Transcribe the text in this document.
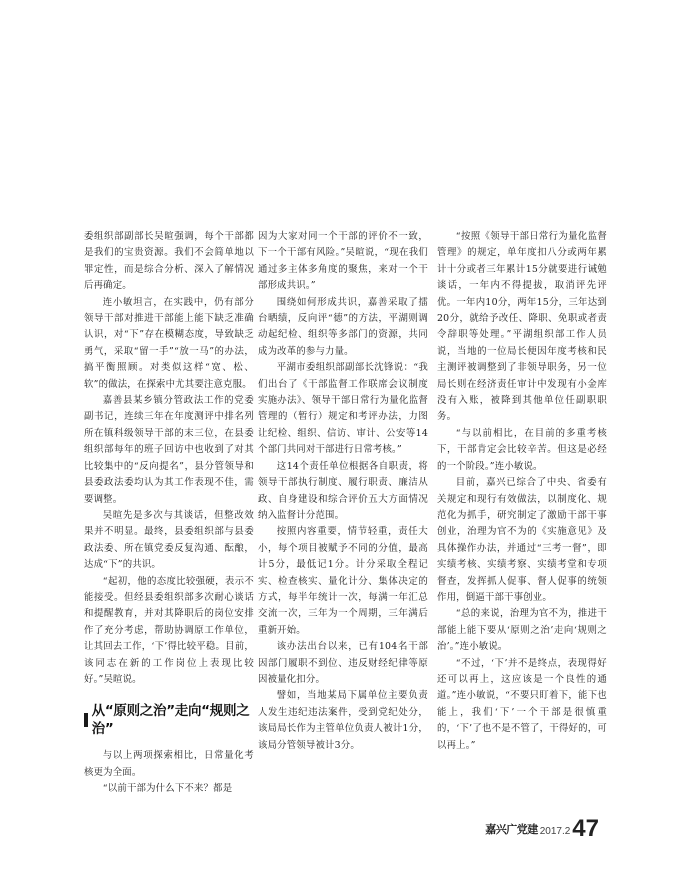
委组织部副部长吴暄强调，每个干部都是我们的宝贵资源。我们不会简单地以罪定性，而是综合分析、深入了解情况后再确定。

连小敏坦言，在实践中，仍有部分领导干部对推进干部能上能下缺乏准确认识，对“下”存在模糊态度，导致缺乏勇气，采取“留一手”“放一马”的办法，搞平衡照顾。对类似这样“宽、松、软”的做法，在探索中尤其要注意克服。

嘉善县某乡镇分管政法工作的党委副书记，连续三年在年度测评中排名列所在镇科级领导干部的末三位，在县委组织部每年的班子回访中也收到了对其比较集中的“反向提名”，县分管领导和县委政法委均认为其工作表现不佳，需要调整。

吴暄先是多次与其谈话，但整改效果并不明显。最终，县委组织部与县委政法委、所在镇党委反复沟通、酝酿，达成“下”的共识。

“起初，他的态度比较强硬，表示不能接受。但经县委组织部多次耐心谈话和提醒教育，并对其降职后的岗位安排作了充分考虑，帮助协调原工作单位，让其回去工作，‘下’得比较平稳。目前，该同志在新的工作岗位上表现比较好。”吴暄说。

从“原则之治”走向“规则之治”

与以上两项探索相比，日常量化考核更为全面。

“以前干部为什么下不来？都是

因为大家对同一个干部的评价不一致，下一个干部有风险。”吴暄说，“现在我们通过多主体多角度的聚焦，来对一个干部形成共识。”

围绕如何形成共识，嘉善采取了擂台晒绩，反向评“德”的方法，平湖则调动起纪检、组织等多部门的资源，共同成为改革的参与力量。

平湖市委组织部副部长沈锋说：“我们出台了《干部监督工作联席会议制度实施办法》、领导干部日常行为量化监督管理的（暂行）规定和考评办法，力图让纪检、组织、信访、审计、公安等14个部门共同对干部进行日常考核。”

这14个责任单位根据各自职责，将领导干部执行制度、履行职责、廉洁从政、自身建设和综合评价五大方面情况纳入监督计分范围。

按照内容重要，情节轻重，责任大小，每个项目被赋予不同的分值，最高计5分，最低记1分。计分采取全程记实、检查核实、量化计分、集体决定的方式，每半年统计一次，每满一年汇总交流一次，三年为一个周期，三年满后重新开始。

该办法出台以来，已有104名干部因部门履职不到位、违反财经纪律等原因被量化扣分。

譬如，当地某局下属单位主要负责人发生违纪违法案件，受到党纪处分，该局局长作为主管单位负责人被计1分，该局分管领导被计3分。

“按照《领导干部日常行为量化监督管理》的规定，单年度扣八分或两年累计十分或者三年累计15分就要进行诫勉谈话，一年内不得提拔，取消评先评优。一年内10分，两年15分，三年达到20分，就给予改任、降职、免职或者责令辞职等处理。”平湖组织部工作人员说，当地的一位局长便因年度考核和民主测评被调整到了非领导职务，另一位局长则在经济责任审计中发现有小金库没有入账，被降到其他单位任副职职务。

“与以前相比，在目前的多重考核下，干部肯定会比较辛苦。但这是必经的一个阶段。”连小敏说。

目前，嘉兴已综合了中央、省委有关规定和现行有效做法，以制度化、规范化为抓手，研究制定了激励干部干事创业，治理为官不为的《实施意见》及具体操作办法，并通过“三考一督”，即实绩考核、实绩考察、实绩考堂和专项督查，发挥抓人促事、督人促事的统领作用，倒逼干部干事创业。

“总的来说，治理为官不为，推进干部能上能下要从‘原则之治’走向‘规则之治’。”连小敏说。

“不过，‘下’并不是终点，表现得好还可以再上，这应该是一个良性的通道。”连小敏说，“不要只盯着下，能下也能上，我们‘下’一个干部是很慎重的，‘下’了也不是不管了，干得好的，可以再上。”

嘉兴广党建 2017.2 47
